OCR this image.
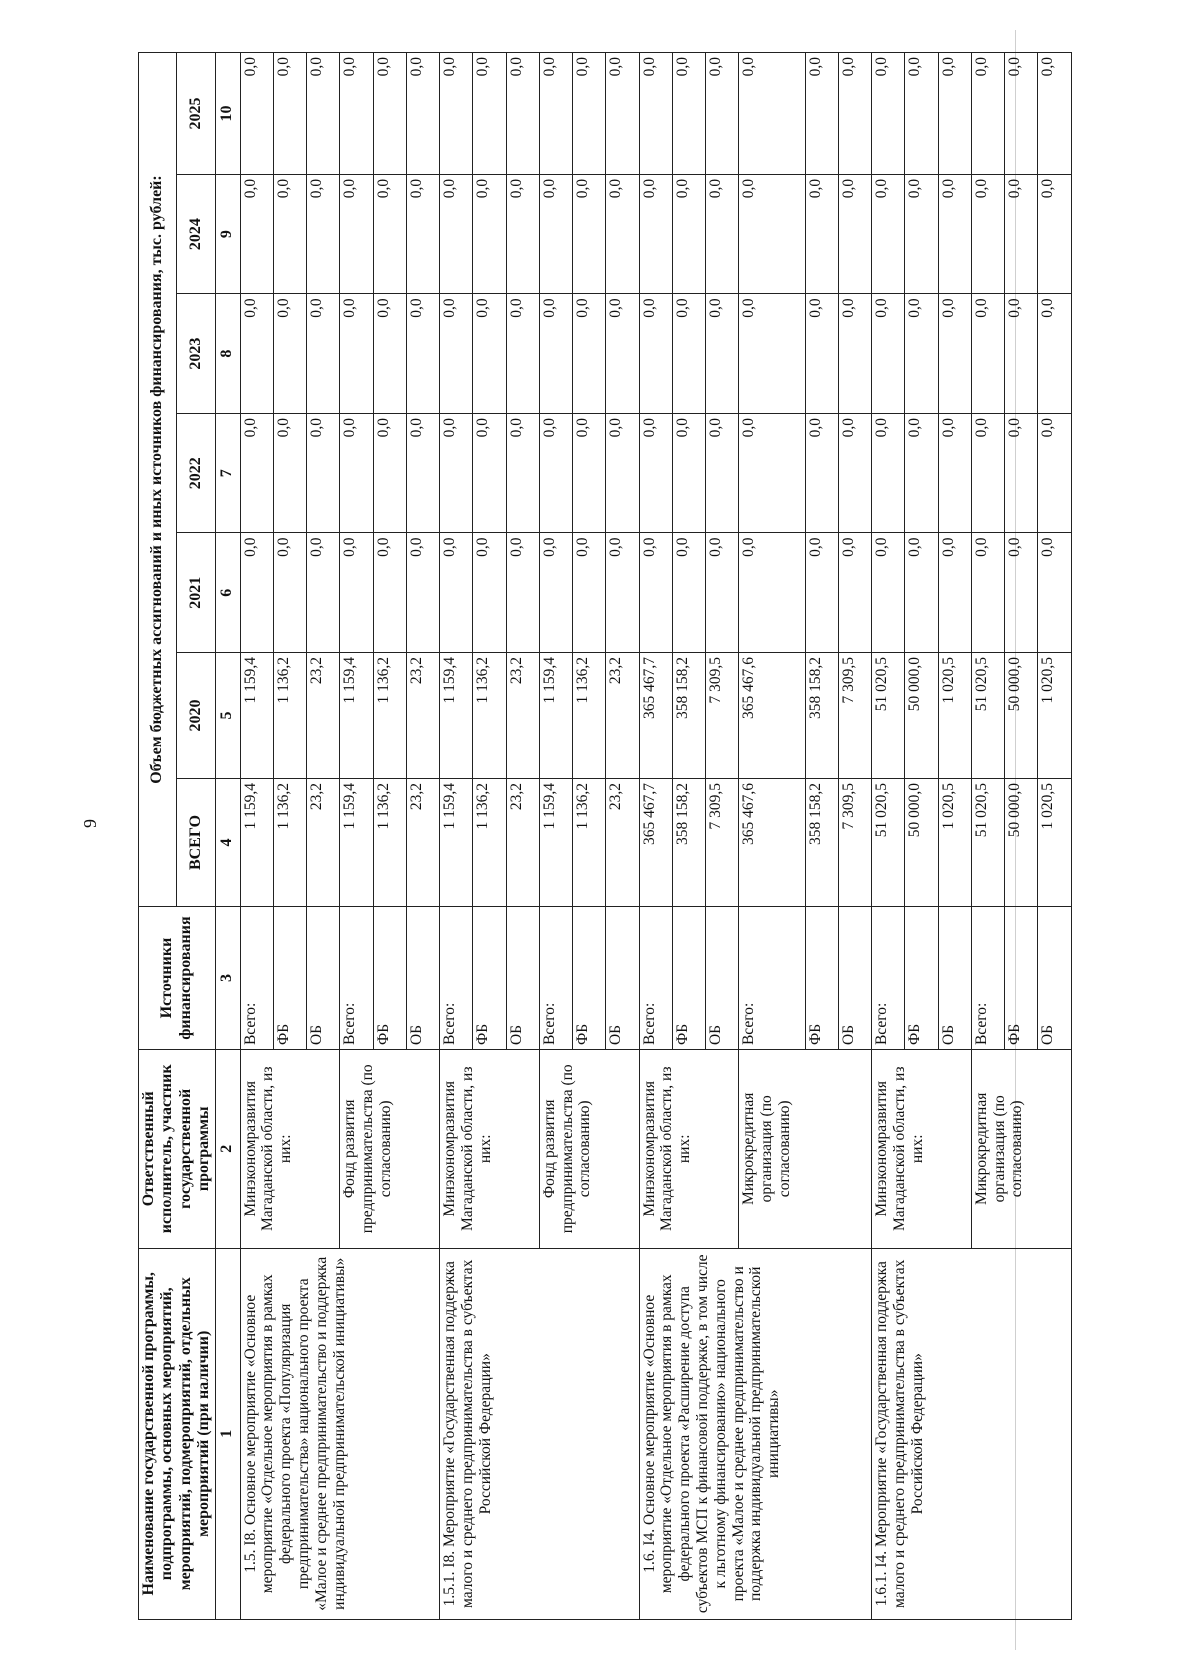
9
Наименование государственной программы, подпрограммы, основных мероприятий, мероприятий, подмероприятий, отдельных мероприятий (при наличии)	Ответственный исполнитель, участник государственной программы	Источники финансирования	Объем бюджетных ассигнований и иных источников финансирования, тыс. рублей:						
			ВСЕГО	2020	2021	2022	2023	2024	2025
1	2	3	4	5	6	7	8	9	10
1.5. I8. Основное мероприятие «Основное мероприятие «Отдельное мероприятия в рамках федерального проекта «Популяризация предпринимательства» национального проекта «Малое и среднее предпринимательство и поддержка индивидуальной предпринимательской инициативы»	Минэкономразвития Магаданской области, из них:	Всего:	1 159,4	1 159,4	0,0	0,0	0,0	0,0	0,0
		ФБ	1 136,2	1 136,2	0,0	0,0	0,0	0,0	0,0
		ОБ	23,2	23,2	0,0	0,0	0,0	0,0	0,0
	Фонд развития предпринимательства (по согласованию)	Всего:	1 159,4	1 159,4	0,0	0,0	0,0	0,0	0,0
		ФБ	1 136,2	1 136,2	0,0	0,0	0,0	0,0	0,0
		ОБ	23,2	23,2	0,0	0,0	0,0	0,0	0,0
1.5.1. I8. Мероприятие «Государственная поддержка малого и среднего предпринимательства в субъектах Российской Федерации»	Минэкономразвития Магаданской области, из них:	Всего:	1 159,4	1 159,4	0,0	0,0	0,0	0,0	0,0
		ФБ	1 136,2	1 136,2	0,0	0,0	0,0	0,0	0,0
		ОБ	23,2	23,2	0,0	0,0	0,0	0,0	0,0
	Фонд развития предпринимательства (по согласованию)	Всего:	1 159,4	1 159,4	0,0	0,0	0,0	0,0	0,0
		ФБ	1 136,2	1 136,2	0,0	0,0	0,0	0,0	0,0
		ОБ	23,2	23,2	0,0	0,0	0,0	0,0	0,0
1.6. I4. Основное мероприятие «Основное мероприятие «Отдельное мероприятия в рамках федерального проекта «Расширение доступа субъектов МСП к финансовой поддержке, в том числе к льготному финансированию» национального проекта «Малое и среднее предпринимательство и поддержка индивидуальной предпринимательской инициативы»	Минэкономразвития Магаданской области, из них:	Всего:	365 467,7	365 467,7	0,0	0,0	0,0	0,0	0,0
		ФБ	358 158,2	358 158,2	0,0	0,0	0,0	0,0	0,0
		ОБ	7 309,5	7 309,5	0,0	0,0	0,0	0,0	0,0
	Микрокредитная организация (по согласованию)	Всего:	365 467,6	365 467,6	0,0	0,0	0,0	0,0	0,0
		ФБ	358 158,2	358 158,2	0,0	0,0	0,0	0,0	0,0
		ОБ	7 309,5	7 309,5	0,0	0,0	0,0	0,0	0,0
1.6.1. I4. Мероприятие «Государственная поддержка малого и среднего предпринимательства в субъектах Российской Федерации»	Минэкономразвития Магаданской области, из них:	Всего:	51 020,5	51 020,5	0,0	0,0	0,0	0,0	0,0
		ФБ	50 000,0	50 000,0	0,0	0,0	0,0	0,0	0,0
		ОБ	1 020,5	1 020,5	0,0	0,0	0,0	0,0	0,0
	Микрокредитная организация (по согласованию)	Всего:	51 020,5	51 020,5	0,0	0,0	0,0	0,0	0,0
		ФБ	50 000,0	50 000,0	0,0	0,0	0,0	0,0	0,0
		ОБ	1 020,5	1 020,5	0,0	0,0	0,0	0,0	0,0
